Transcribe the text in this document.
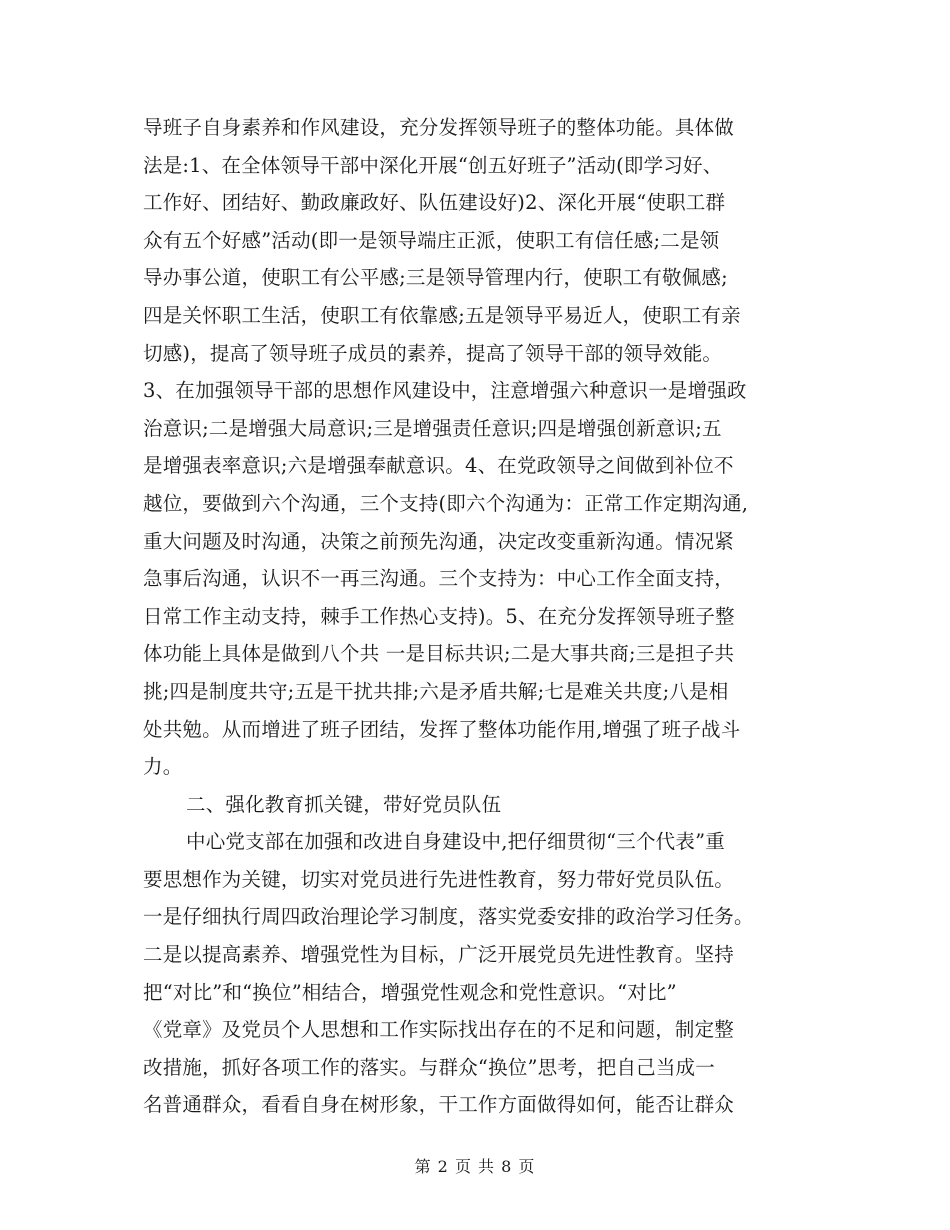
导班子自身素养和作风建设，充分发挥领导班子的整体功能。具体做
法是:1、在全体领导干部中深化开展“创五好班子”活动(即学习好、
工作好、团结好、勤政廉政好、队伍建设好)2、深化开展“使职工群
众有五个好感”活动(即一是领导端庄正派，使职工有信任感;二是领
导办事公道，使职工有公平感;三是领导管理内行，使职工有敬佩感;
四是关怀职工生活，使职工有依靠感;五是领导平易近人，使职工有亲
切感)，提高了领导班子成员的素养，提高了领导干部的领导效能。
3、在加强领导干部的思想作风建设中，注意增强六种意识一是增强政
治意识;二是增强大局意识;三是增强责任意识;四是增强创新意识;五
是增强表率意识;六是增强奉献意识。4、在党政领导之间做到补位不
越位，要做到六个沟通，三个支持(即六个沟通为：正常工作定期沟通,
重大问题及时沟通，决策之前预先沟通，决定改变重新沟通。情况紧
急事后沟通，认识不一再三沟通。三个支持为：中心工作全面支持，
日常工作主动支持，棘手工作热心支持)。5、在充分发挥领导班子整
体功能上具体是做到八个共 一是目标共识;二是大事共商;三是担子共
挑;四是制度共守;五是干扰共排;六是矛盾共解;七是难关共度;八是相
处共勉。从而增进了班子团结，发挥了整体功能作用,增强了班子战斗
力。
二、强化教育抓关键，带好党员队伍
中心党支部在加强和改进自身建设中,把仔细贯彻“三个代表”重
要思想作为关键，切实对党员进行先进性教育，努力带好党员队伍。
一是仔细执行周四政治理论学习制度，落实党委安排的政治学习任务。
二是以提高素养、增强党性为目标，广泛开展党员先进性教育。坚持
把“对比”和“换位”相结合，增强党性观念和党性意识。“对比”
《党章》及党员个人思想和工作实际找出存在的不足和问题，制定整
改措施，抓好各项工作的落实。与群众“换位”思考，把自己当成一
名普通群众，看看自身在树形象，干工作方面做得如何，能否让群众
第 2 页 共 8 页
